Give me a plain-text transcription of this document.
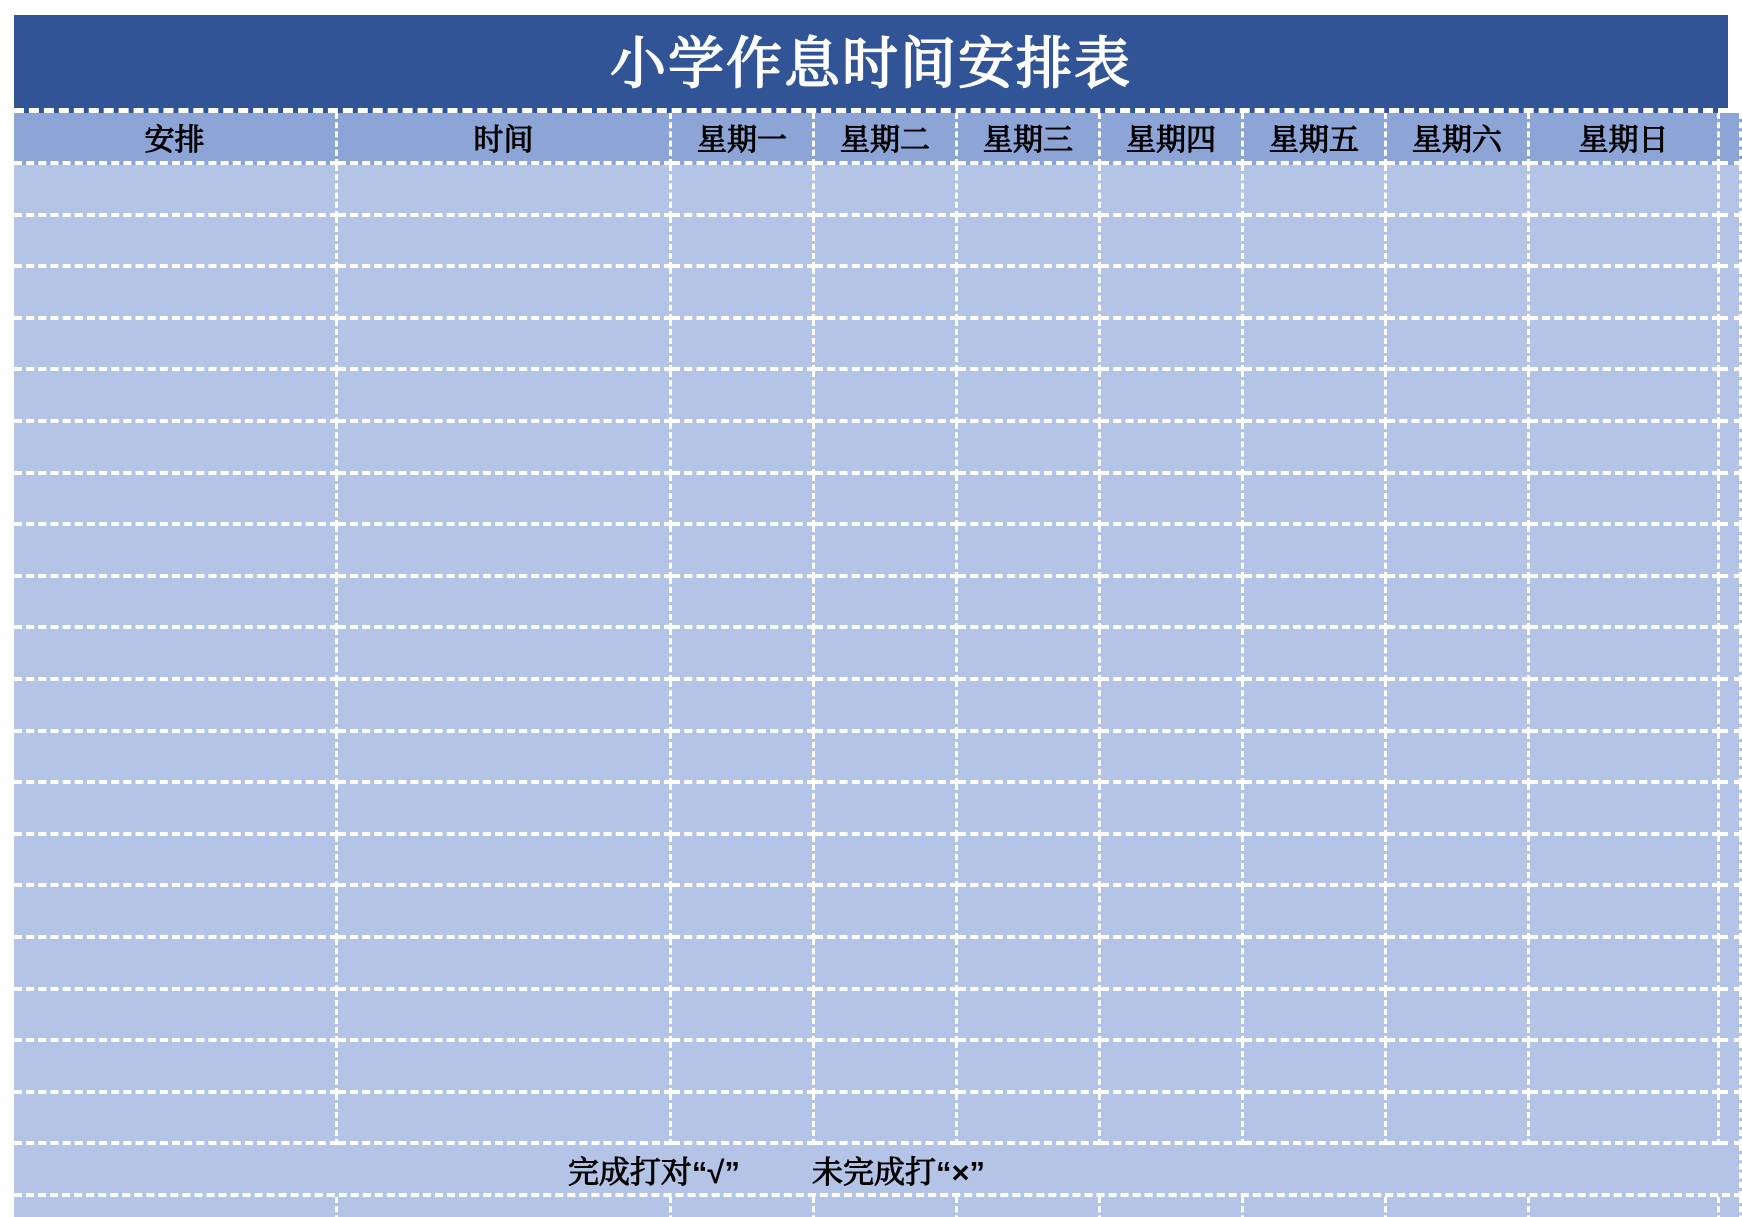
小学作息时间安排表
安排	时间	星期一	星期二	星期三	星期四	星期五	星期六	星期日
完成打对“√” 未完成打“×”
